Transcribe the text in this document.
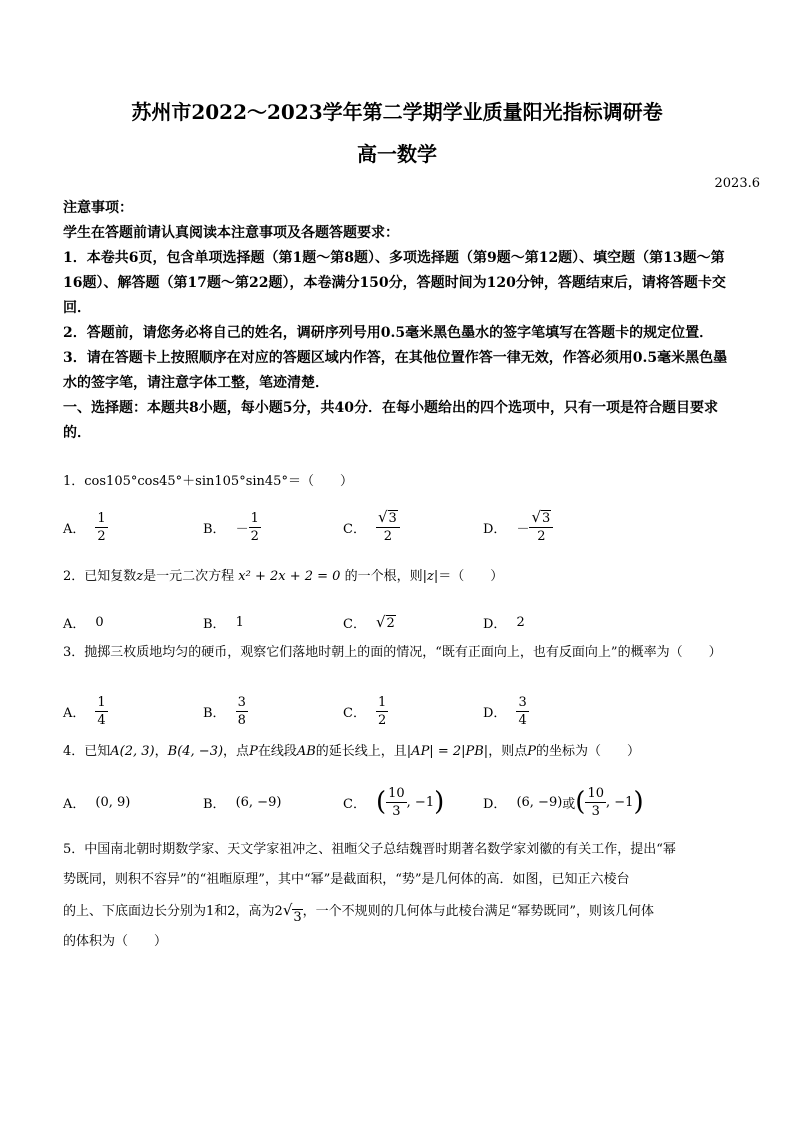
苏州市2022～2023学年第二学期学业质量阳光指标调研卷
高一数学
2023.6
注意事项：
学生在答题前请认真阅读本注意事项及各题答题要求：
1．本卷共6页，包含单项选择题（第1题～第8题）、多项选择题（第9题～第12题）、填空题（第13题～第16题）、解答题（第17题～第22题），本卷满分150分，答题时间为120分钟，答题结束后，请将答题卡交回．
2．答题前，请您务必将自己的姓名，调研序列号用0.5毫米黑色墨水的签字笔填写在答题卡的规定位置．
3．请在答题卡上按照顺序在对应的答题区域内作答，在其他位置作答一律无效，作答必须用0.5毫米黑色墨水的签字笔，请注意字体工整，笔迹清楚．
一、选择题：本题共8小题，每小题5分，共40分．在每小题给出的四个选项中，只有一项是符合题目要求的．
1．cos105°cos45°＋sin105°sin45°＝（　　）
A． $\frac{1}{2}$	B． － $\frac{1}{2}$	C． $\frac{√ 3}{2}$	D． － $\frac{√ 3}{2}$
2．已知复数z是一元二次方程 x² + 2x + 2 = 0 的一个根，则|z|＝（　　）
A． 0	B． 1	C． √ 2	D． 2
3．抛掷三枚质地均匀的硬币，观察它们落地时朝上的面的情况，“既有正面向上，也有反面向上”的概率为（　　）
A． $\frac{1}{4}$	B． $\frac{3}{8}$	C． $\frac{1}{2}$	D． $\frac{3}{4}$
4．已知A(2, 3)，B(4, −3)，点P在线段AB的延长线上，且|AP| = 2|PB|，则点P的坐标为（　　）
A． (0, 9)	B． (6, −9)	C． ( $\frac{10}{3}$ , −1 )	D． (6, −9) 或 ( $\frac{10}{3}$ , −1 )
5．中国南北朝时期数学家、天文学家祖冲之、祖暅父子总结魏晋时期著名数学家刘徽的有关工作，提出“幂
势既同，则积不容异”的“祖暅原理”，其中“幂”是截面积，“势”是几何体的高．如图，已知正六棱台
的上、下底面边长分别为1和2，高为2 √ 3 ，一个不规则的几何体与此棱台满足“幂势既同”，则该几何体
的体积为（　　）
